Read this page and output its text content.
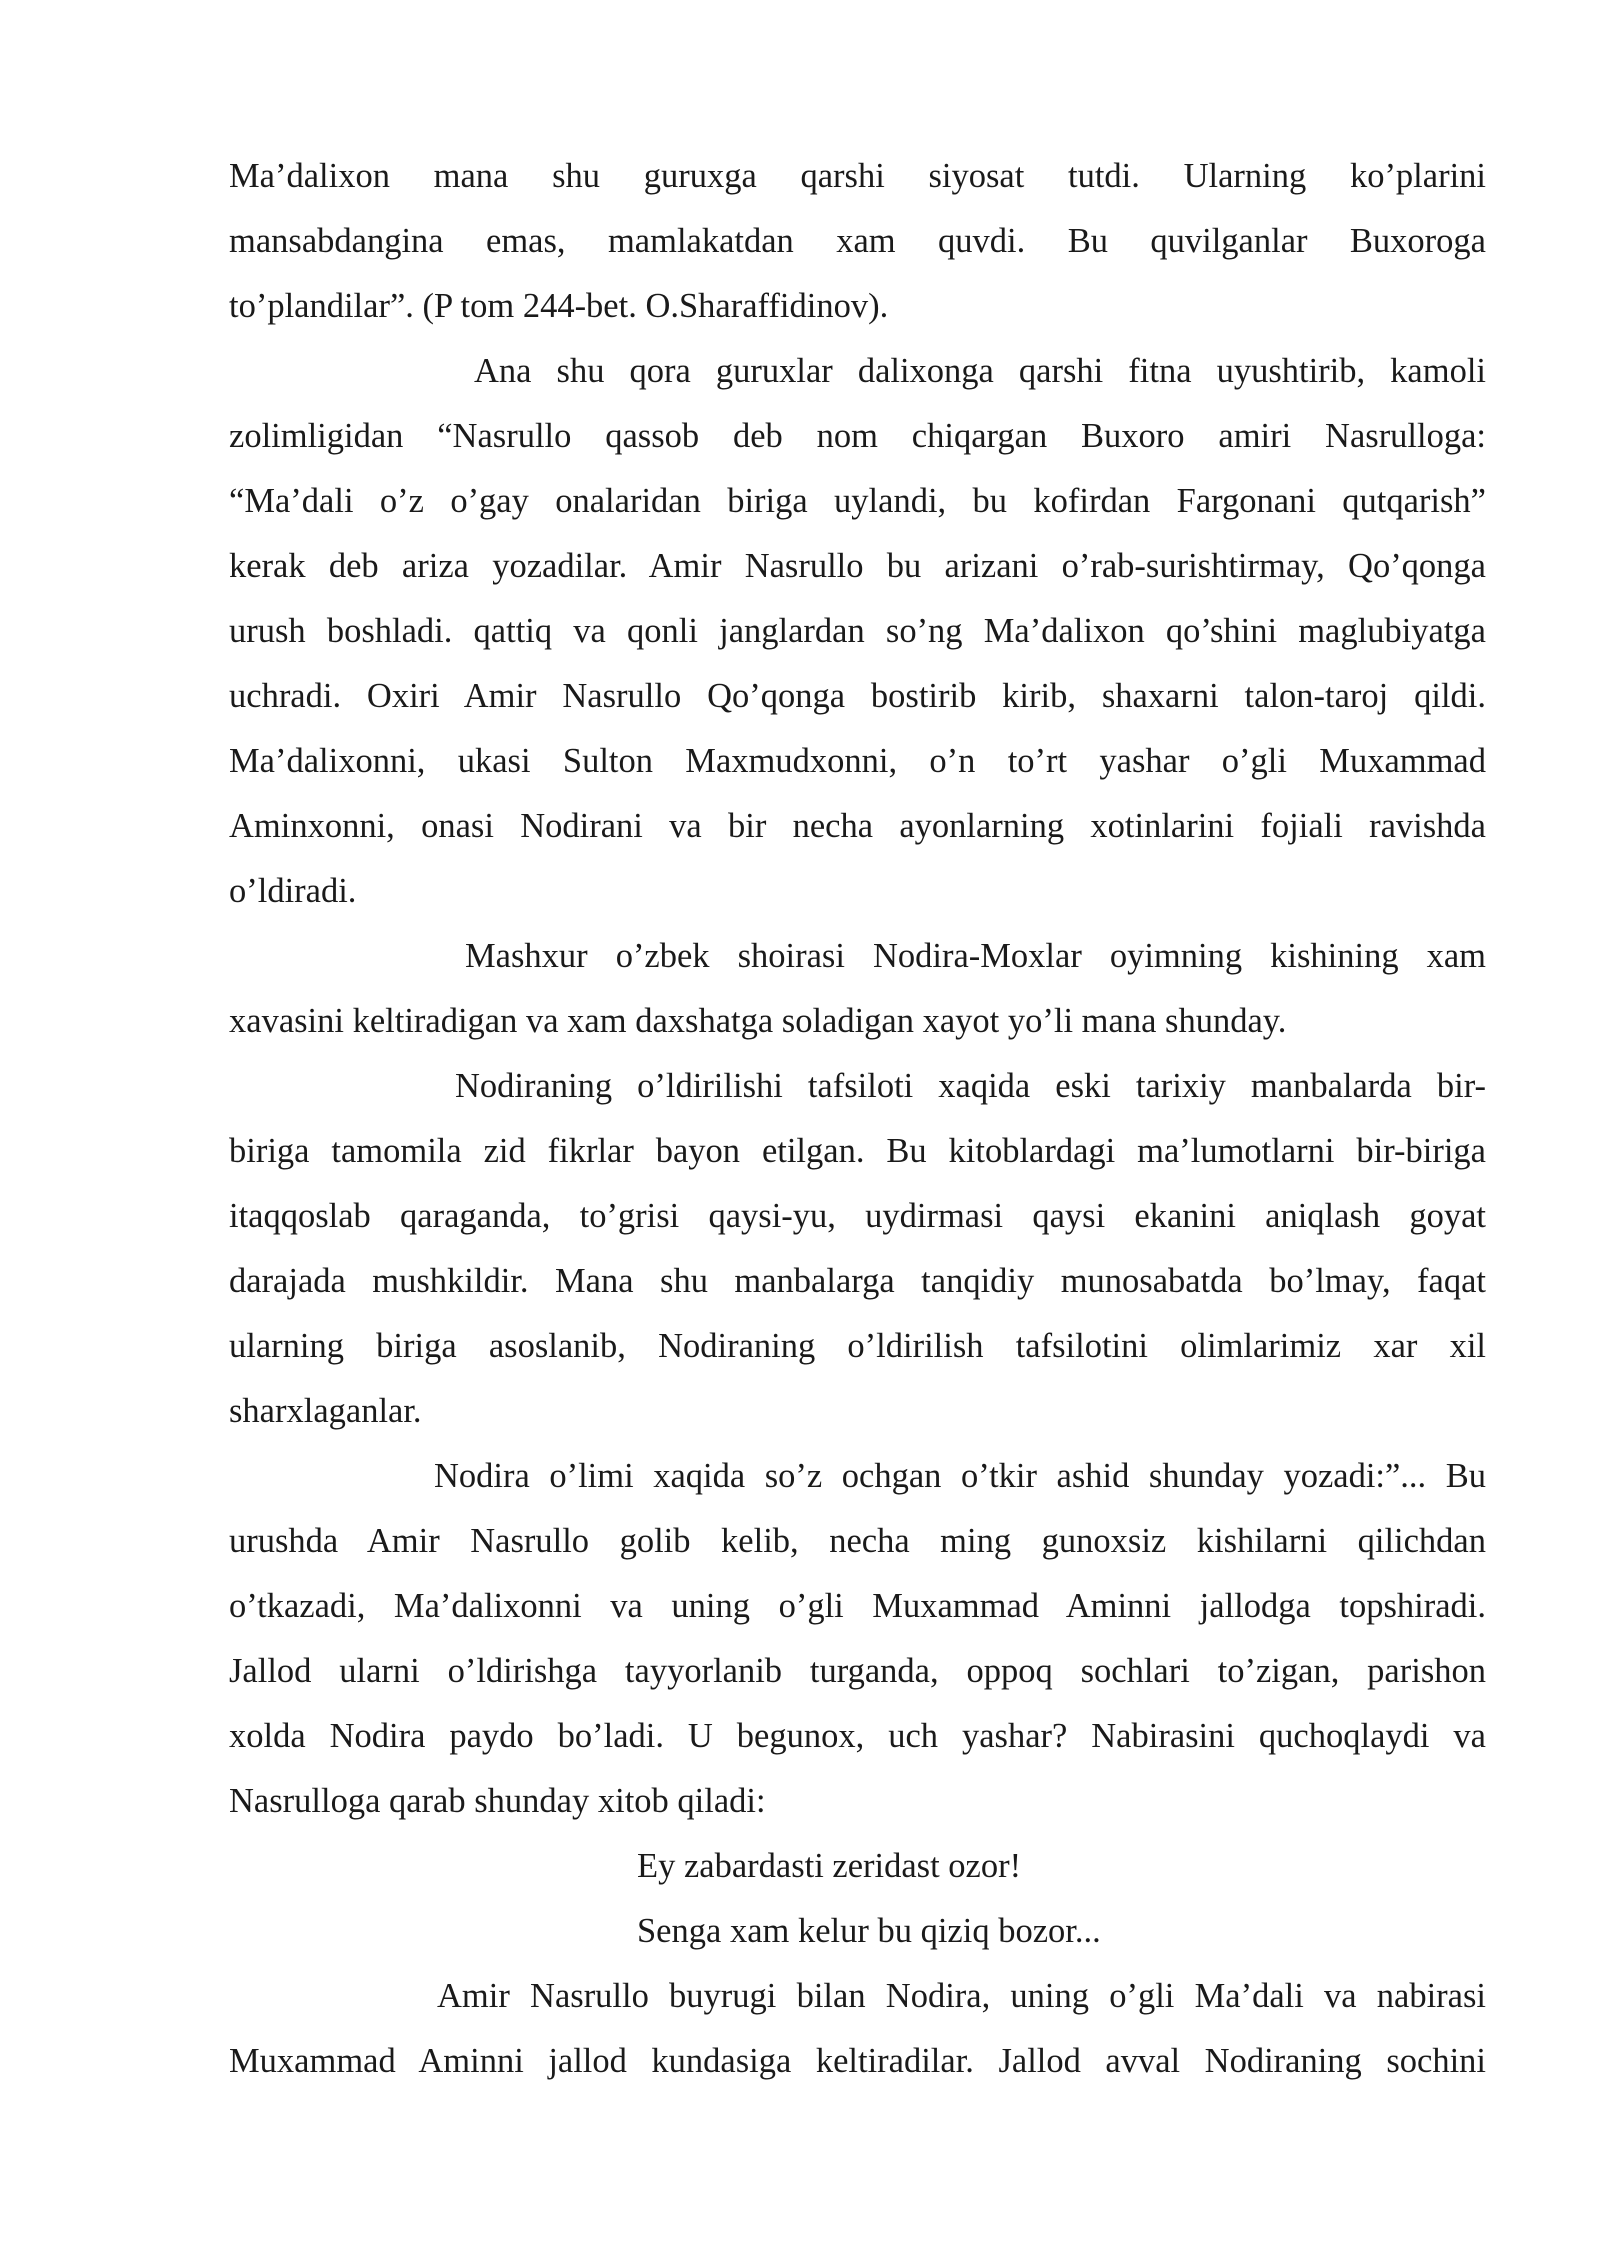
Ma’dalixon mana shu guruxga qarshi siyosat tutdi. Ularning ko’plarini
mansabdangina emas, mamlakatdan xam quvdi. Bu quvilganlar Buxoroga
to’plandilar”. (P tom 244-bet. O.Sharaffidinov).
Ana shu qora guruxlar dalixonga qarshi fitna uyushtirib, kamoli
zolimligidan “Nasrullo qassob deb nom chiqargan Buxoro amiri Nasrulloga:
“Ma’dali o’z o’gay onalaridan biriga uylandi, bu kofirdan Fargonani qutqarish”
kerak deb ariza yozadilar. Amir Nasrullo bu arizani o’rab-surishtirmay, Qo’qonga
urush boshladi. qattiq va qonli janglardan so’ng Ma’dalixon qo’shini maglubiyatga
uchradi. Oxiri Amir Nasrullo Qo’qonga bostirib kirib, shaxarni talon-taroj qildi.
Ma’dalixonni, ukasi Sulton Maxmudxonni, o’n to’rt yashar o’gli Muxammad
Aminxonni, onasi Nodirani va bir necha ayonlarning xotinlarini fojiali ravishda
o’ldiradi.
Mashxur o’zbek shoirasi Nodira-Moxlar oyimning kishining xam
xavasini keltiradigan va xam daxshatga soladigan xayot yo’li mana shunday.
Nodiraning o’ldirilishi tafsiloti xaqida eski tarixiy manbalarda bir-
biriga tamomila zid fikrlar bayon etilgan. Bu kitoblardagi ma’lumotlarni bir-biriga
itaqqoslab qaraganda, to’grisi qaysi-yu, uydirmasi qaysi ekanini aniqlash goyat
darajada mushkildir. Mana shu manbalarga tanqidiy munosabatda bo’lmay, faqat
ularning biriga asoslanib, Nodiraning o’ldirilish tafsilotini olimlarimiz xar xil
sharxlaganlar.
Nodira o’limi xaqida so’z ochgan o’tkir ashid shunday yozadi:”... Bu
urushda Amir Nasrullo golib kelib, necha ming gunoxsiz kishilarni qilichdan
o’tkazadi, Ma’dalixonni va uning o’gli Muxammad Aminni jallodga topshiradi.
Jallod ularni o’ldirishga tayyorlanib turganda, oppoq sochlari to’zigan, parishon
xolda Nodira paydo bo’ladi. U begunox, uch yashar? Nabirasini quchoqlaydi va
Nasrulloga qarab shunday xitob qiladi:
Ey zabardasti zeridast ozor!
Senga xam kelur bu qiziq bozor...
Amir Nasrullo buyrugi bilan Nodira, uning o’gli Ma’dali va nabirasi
Muxammad Aminni jallod kundasiga keltiradilar. Jallod avval Nodiraning sochini
